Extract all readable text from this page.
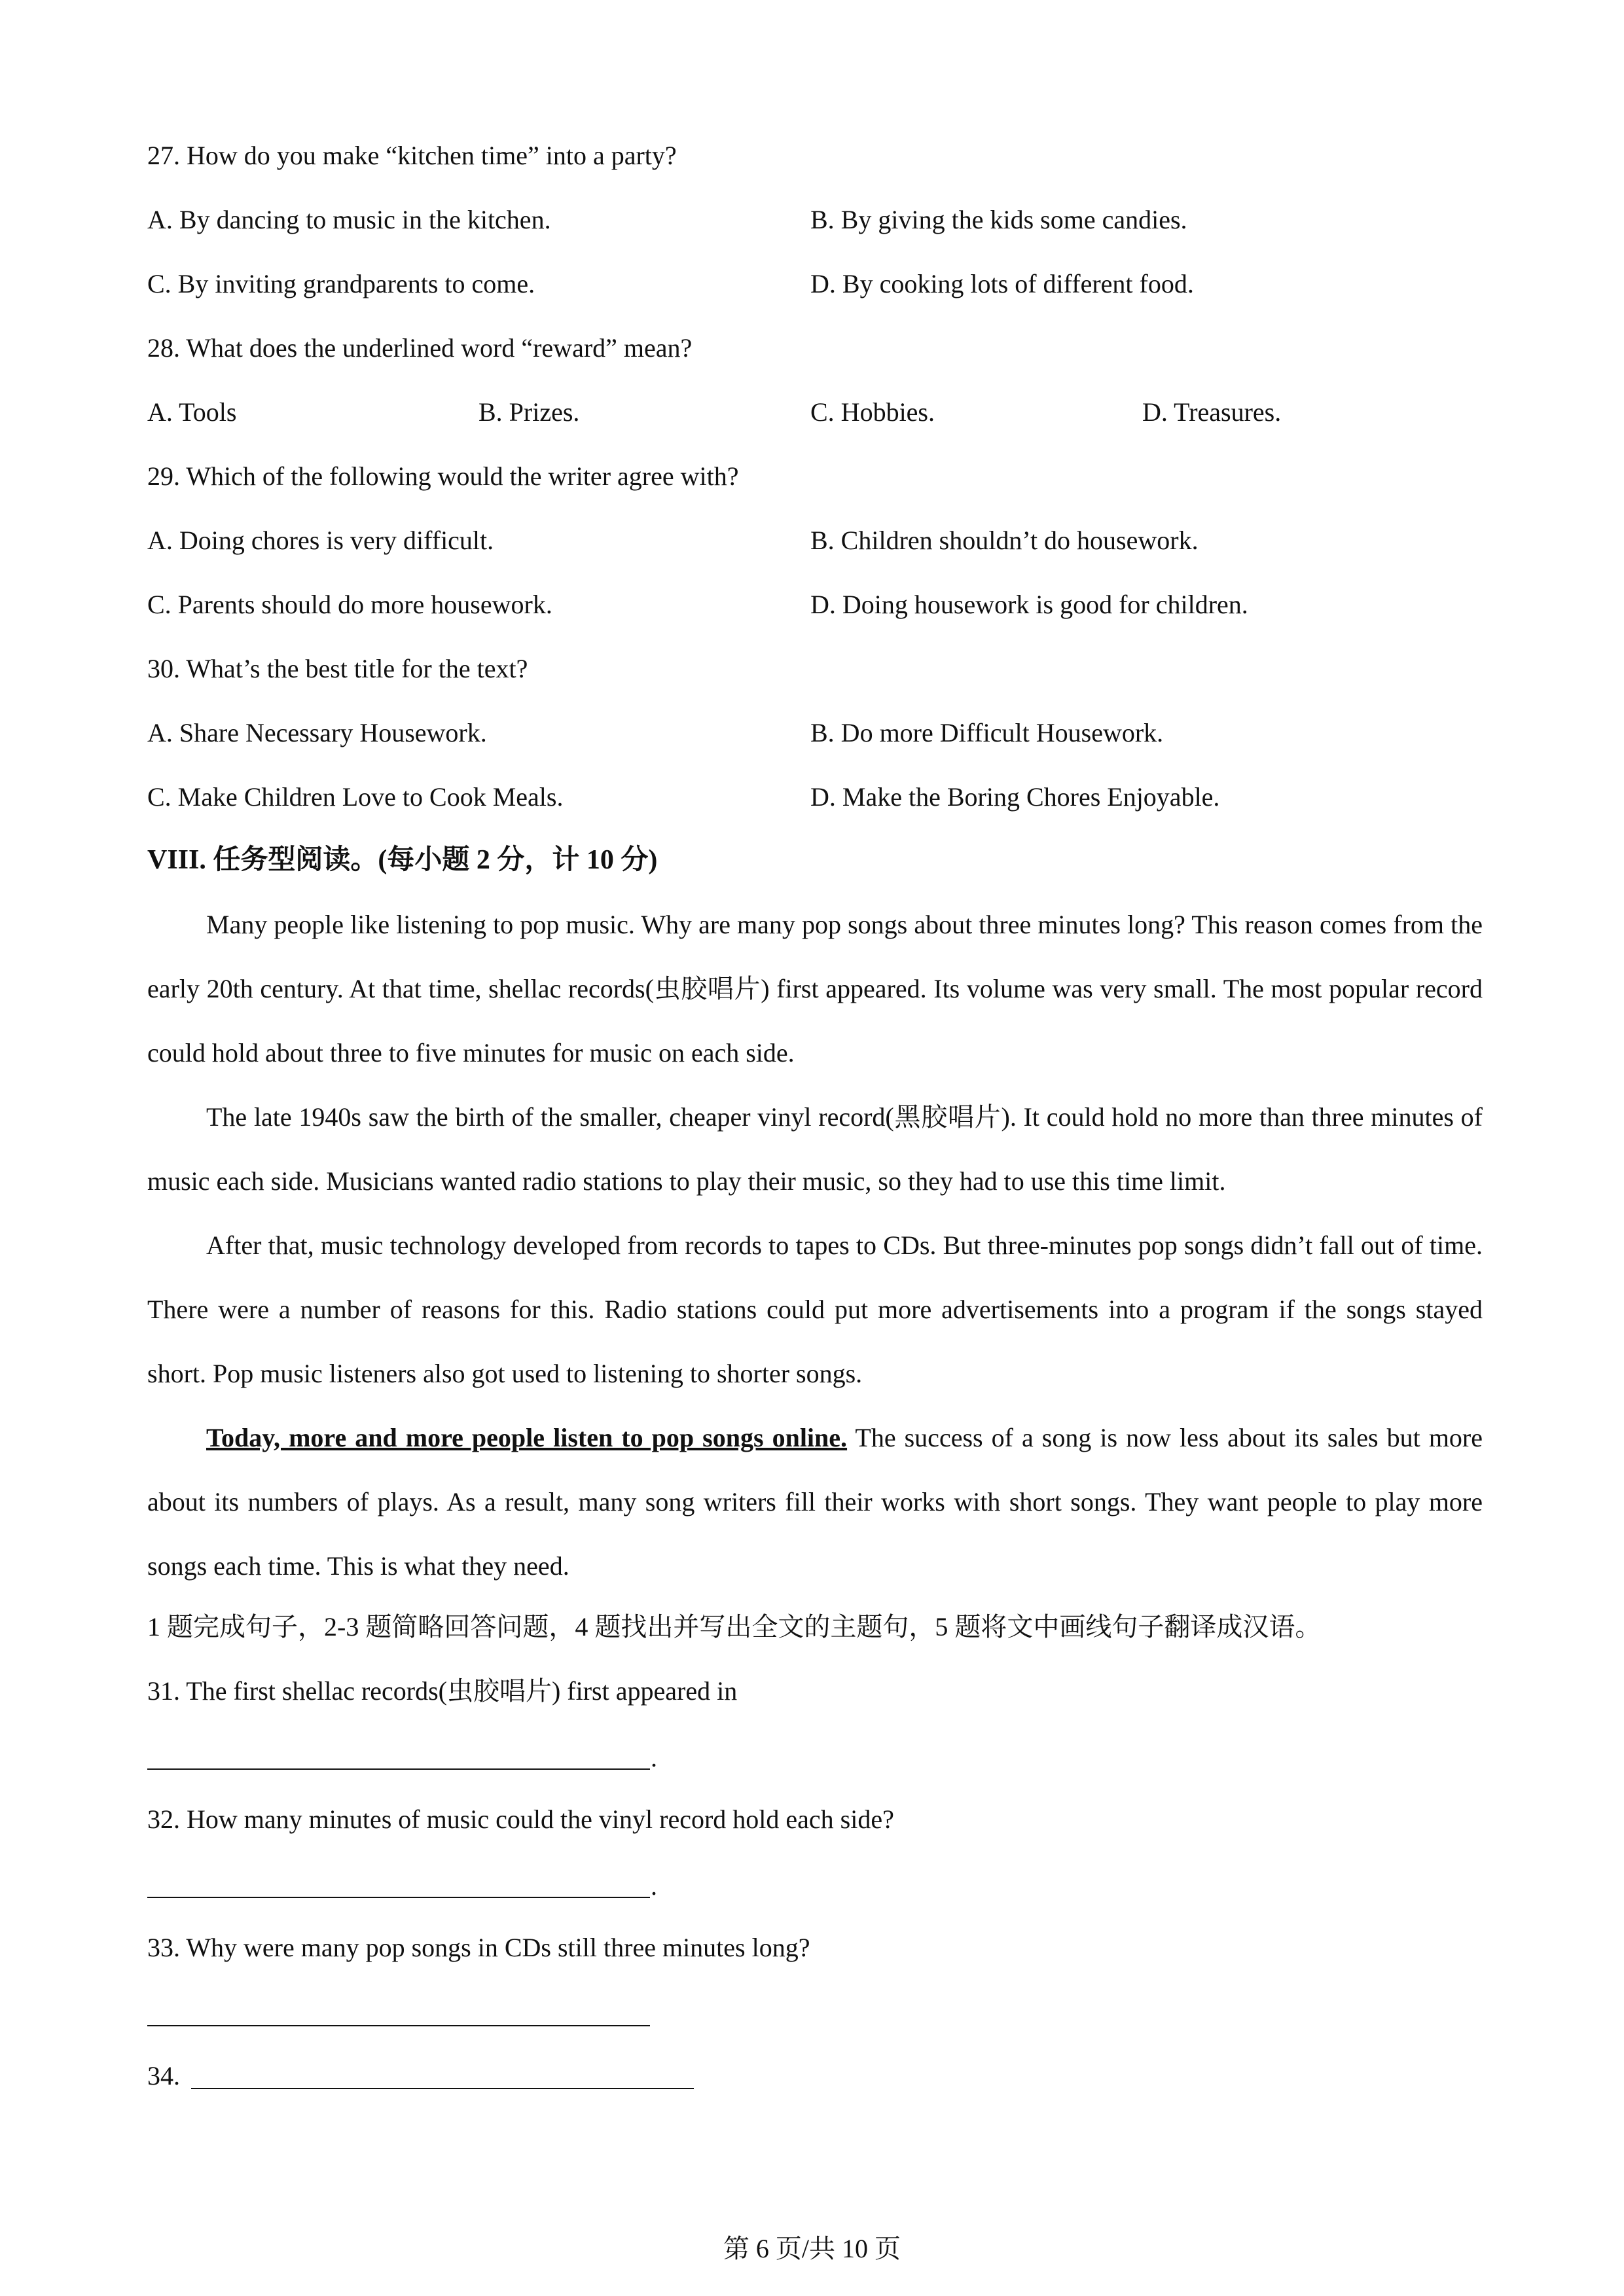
27. How do you make “kitchen time” into a party?
A. By dancing to music in the kitchen.	B. By giving the kids some candies.
C. By inviting grandparents to come.	D. By cooking lots of different food.
28. What does the underlined word “reward” mean?
A. Tools	B. Prizes.	C. Hobbies.	D. Treasures.
29. Which of the following would the writer agree with?
A. Doing chores is very difficult.	B. Children shouldn’t do housework.
C. Parents should do more housework.	D. Doing housework is good for children.
30. What’s the best title for the text?
A. Share Necessary Housework.	B. Do more Difficult Housework.
C. Make Children Love to Cook Meals.	D. Make the Boring Chores Enjoyable.
VIII. 任务型阅读。(每小题 2 分，计 10 分)

Many people like listening to pop music. Why are many pop songs about three minutes long? This reason comes from the early 20th century. At that time, shellac records(虫胶唱片) first appeared. Its volume was very small. The most popular record could hold about three to five minutes for music on each side.

The late 1940s saw the birth of the smaller, cheaper vinyl record(黑胶唱片). It could hold no more than three minutes of music each side. Musicians wanted radio stations to play their music, so they had to use this time limit.

After that, music technology developed from records to tapes to CDs. But three-minutes pop songs didn’t fall out of time. There were a number of reasons for this. Radio stations could put more advertisements into a program if the songs stayed short. Pop music listeners also got used to listening to shorter songs.

Today, more and more people listen to pop songs online. The success of a song is now less about its sales but more about its numbers of plays. As a result, many song writers fill their works with short songs. They want people to play more songs each time. This is what they need.

1 题完成句子，2-3 题简略回答问题，4 题找出并写出全文的主题句，5 题将文中画线句子翻译成汉语。
31. The first shellac records(虫胶唱片) first appeared in
.
32. How many minutes of music could the vinyl record hold each side?
.
33. Why were many pop songs in CDs still three minutes long?
34.
第 6 页/共 10 页
